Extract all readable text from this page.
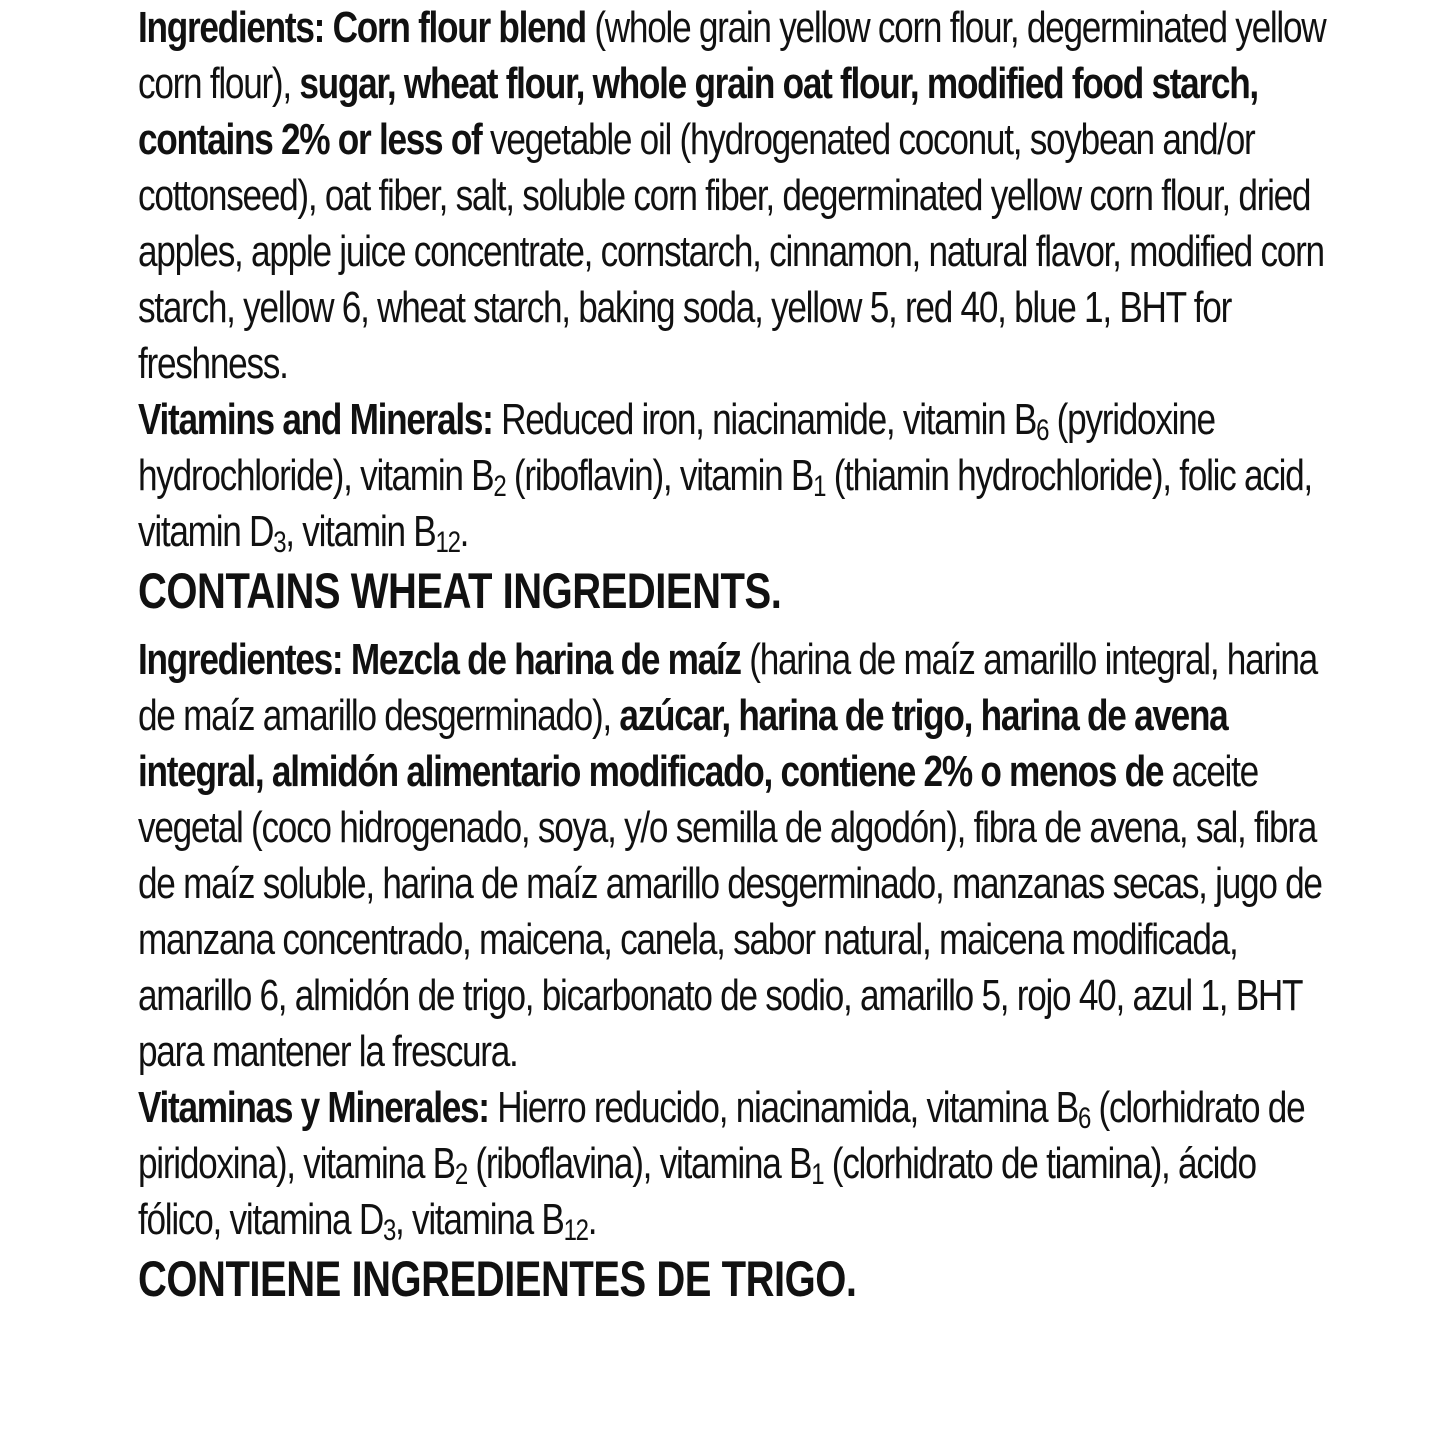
Ingredients: Corn flour blend (whole grain yellow corn flour, degerminated yellow corn flour), sugar, wheat flour, whole grain oat flour, modified food starch, contains 2% or less of vegetable oil (hydrogenated coconut, soybean and/or cottonseed), oat fiber, salt, soluble corn fiber, degerminated yellow corn flour, dried apples, apple juice concentrate, cornstarch, cinnamon, natural flavor, modified corn starch, yellow 6, wheat starch, baking soda, yellow 5, red 40, blue 1, BHT for freshness.

Vitamins and Minerals: Reduced iron, niacinamide, vitamin $B_6$ (pyridoxine hydrochloride), vitamin $B_2$ (riboflavin), vitamin $B_1$ (thiamin hydrochloride), folic acid, vitamin $D_3$, vitamin $B_{12}$.

CONTAINS WHEAT INGREDIENTS.

Ingredientes: Mezcla de harina de maíz (harina de maíz amarillo integral, harina de maíz amarillo desgerminado), azúcar, harina de trigo, harina de avena integral, almidón alimentario modificado, contiene 2% o menos de aceite vegetal (coco hidrogenado, soya, y/o semilla de algodón), fibra de avena, sal, fibra de maíz soluble, harina de maíz amarillo desgerminado, manzanas secas, jugo de manzana concentrado, maicena, canela, sabor natural, maicena modificada, amarillo 6, almidón de trigo, bicarbonato de sodio, amarillo 5, rojo 40, azul 1, BHT para mantener la frescura.

Vitaminas y Minerales: Hierro reducido, niacinamida, vitamina $B_6$ (clorhidrato de piridoxina), vitamina $B_2$ (riboflavina), vitamina $B_1$ (clorhidrato de tiamina), ácido fólico, vitamina $D_3$, vitamina $B_{12}$.

CONTIENE INGREDIENTES DE TRIGO.
